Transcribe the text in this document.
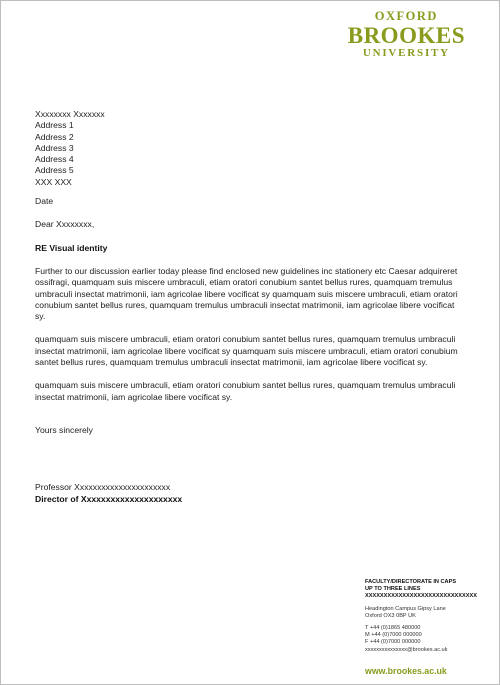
OXFORD
BROOKES
UNIVERSITY
Xxxxxxxx Xxxxxxx
Address 1
Address 2
Address 3
Address 4
Address 5
XXX XXX
Date
Dear Xxxxxxxx,
RE Visual identity

Further to our discussion earlier today please find enclosed new guidelines inc stationery etc Caesar adquireret ossifragi, quamquam suis miscere umbraculi, etiam oratori conubium santet bellus rures, quamquam tremulus umbraculi insectat matrimonii, iam agricolae libere vocificat sy quamquam suis miscere umbraculi, etiam oratori conubium santet bellus rures, quamquam tremulus umbraculi insectat matrimonii, iam agricolae libere vocificat sy.

quamquam suis miscere umbraculi, etiam oratori conubium santet bellus rures, quamquam tremulus umbraculi insectat matrimonii, iam agricolae libere vocificat sy quamquam suis miscere umbraculi, etiam oratori conubium santet bellus rures, quamquam tremulus umbraculi insectat matrimonii, iam agricolae libere vocificat sy.

quamquam suis miscere umbraculi, etiam oratori conubium santet bellus rures, quamquam tremulus umbraculi insectat matrimonii, iam agricolae libere vocificat sy.

Yours sincerely
Professor Xxxxxxxxxxxxxxxxxxxxxx
Director of Xxxxxxxxxxxxxxxxxxxxx
FACULTY/DIRECTORATE IN CAPS
UP TO THREE LINES
XXXXXXXXXXXXXXXXXXXXXXXXXXXXXX
Headington Campus Gipsy Lane
Oxford OX3 0BP UK
T +44 (0)1865 480000
M +44 (0)7000 000000
F +44 (0)7000 000000
xxxxxxxxxxxxxxx@brookes.ac.uk
www.brookes.ac.uk
